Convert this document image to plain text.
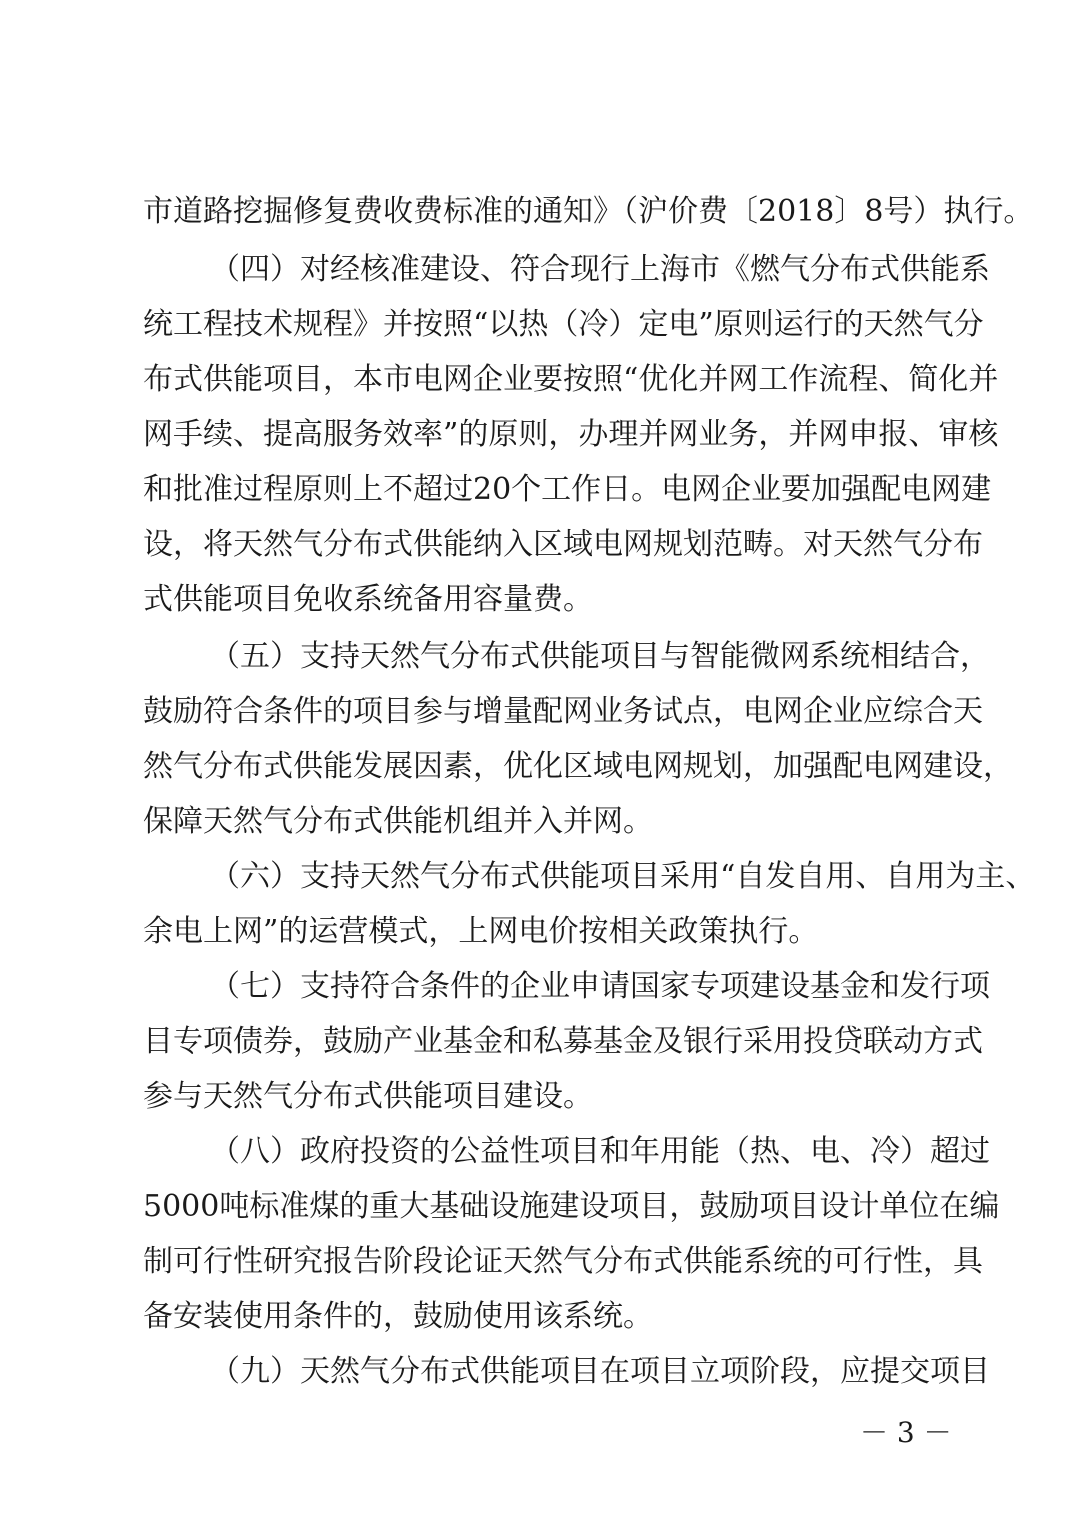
市道路挖掘修复费收费标准的通知》（沪价费〔2018〕8号）执行。
（四）对经核准建设、符合现行上海市《燃气分布式供能系
统工程技术规程》并按照“以热（冷）定电”原则运行的天然气分
布式供能项目，本市电网企业要按照“优化并网工作流程、简化并
网手续、提高服务效率”的原则，办理并网业务，并网申报、审核
和批准过程原则上不超过20个工作日。电网企业要加强配电网建
设，将天然气分布式供能纳入区域电网规划范畴。对天然气分布
式供能项目免收系统备用容量费。
（五）支持天然气分布式供能项目与智能微网系统相结合，
鼓励符合条件的项目参与增量配网业务试点，电网企业应综合天
然气分布式供能发展因素，优化区域电网规划，加强配电网建设，
保障天然气分布式供能机组并入并网。
（六）支持天然气分布式供能项目采用“自发自用、自用为主、
余电上网”的运营模式，上网电价按相关政策执行。
（七）支持符合条件的企业申请国家专项建设基金和发行项
目专项债券，鼓励产业基金和私募基金及银行采用投贷联动方式
参与天然气分布式供能项目建设。
（八）政府投资的公益性项目和年用能（热、电、冷）超过
5000吨标准煤的重大基础设施建设项目，鼓励项目设计单位在编
制可行性研究报告阶段论证天然气分布式供能系统的可行性，具
备安装使用条件的，鼓励使用该系统。
（九）天然气分布式供能项目在项目立项阶段，应提交项目
－ 3 －
